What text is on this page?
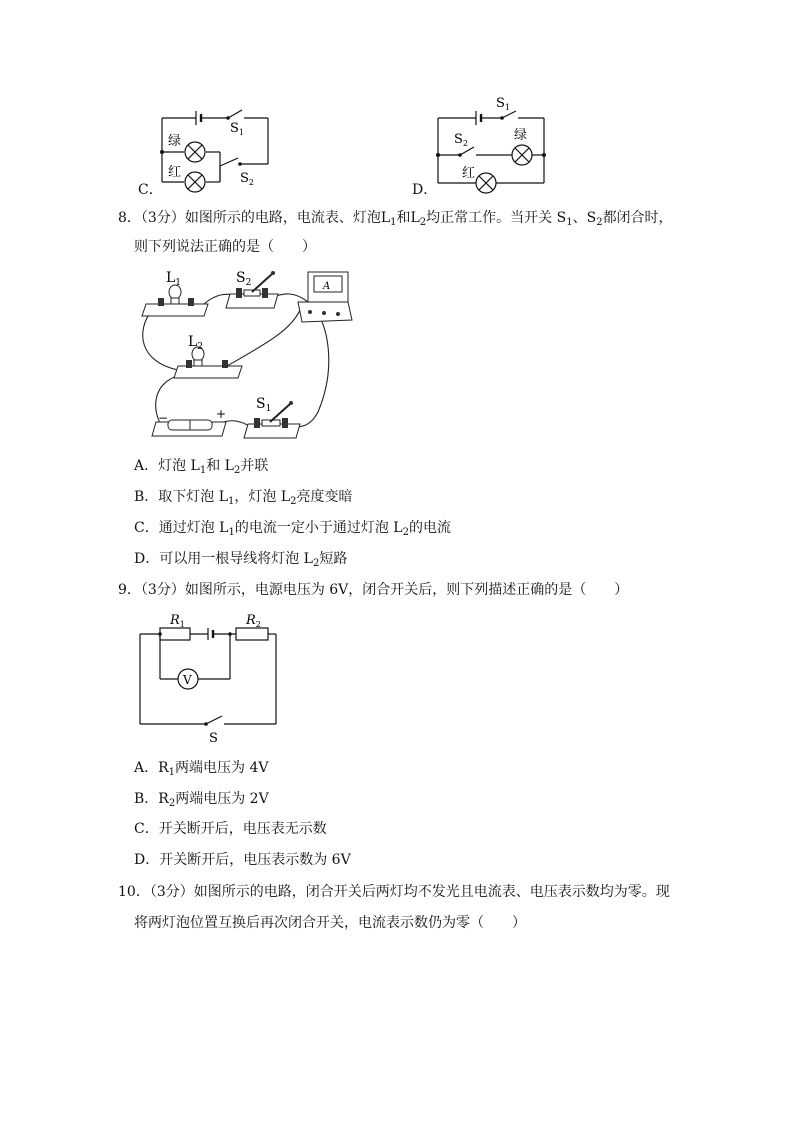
绿
红
$S_1$
$S_2$
C．
$S_1$
$S_2$
绿
红
D．
8．（3分）如图所示的电路，电流表、灯泡$L_1$和$L_2$均正常工作。当开关 $S_1$、$S_2$都闭合时，
则下列说法正确的是（　　）
A
$L_1$	$S_2$
$L_2$
$S_1$
−	+
A．灯泡 $L_1$和 $L_2$并联
B．取下灯泡 $L_1$，灯泡 $L_2$亮度变暗
C．通过灯泡 $L_1$的电流一定小于通过灯泡 $L_2$的电流
D．可以用一根导线将灯泡 $L_2$短路
9．（3分）如图所示，电源电压为 6V，闭合开关后，则下列描述正确的是（　　）
V
$R_1$	$R_2$
S
A．$R_1$两端电压为 4V
B．$R_2$两端电压为 2V
C．开关断开后，电压表无示数
D．开关断开后，电压表示数为 6V
10．（3分）如图所示的电路，闭合开关后两灯均不发光且电流表、电压表示数均为零。现
将两灯泡位置互换后再次闭合开关，电流表示数仍为零（　　）
